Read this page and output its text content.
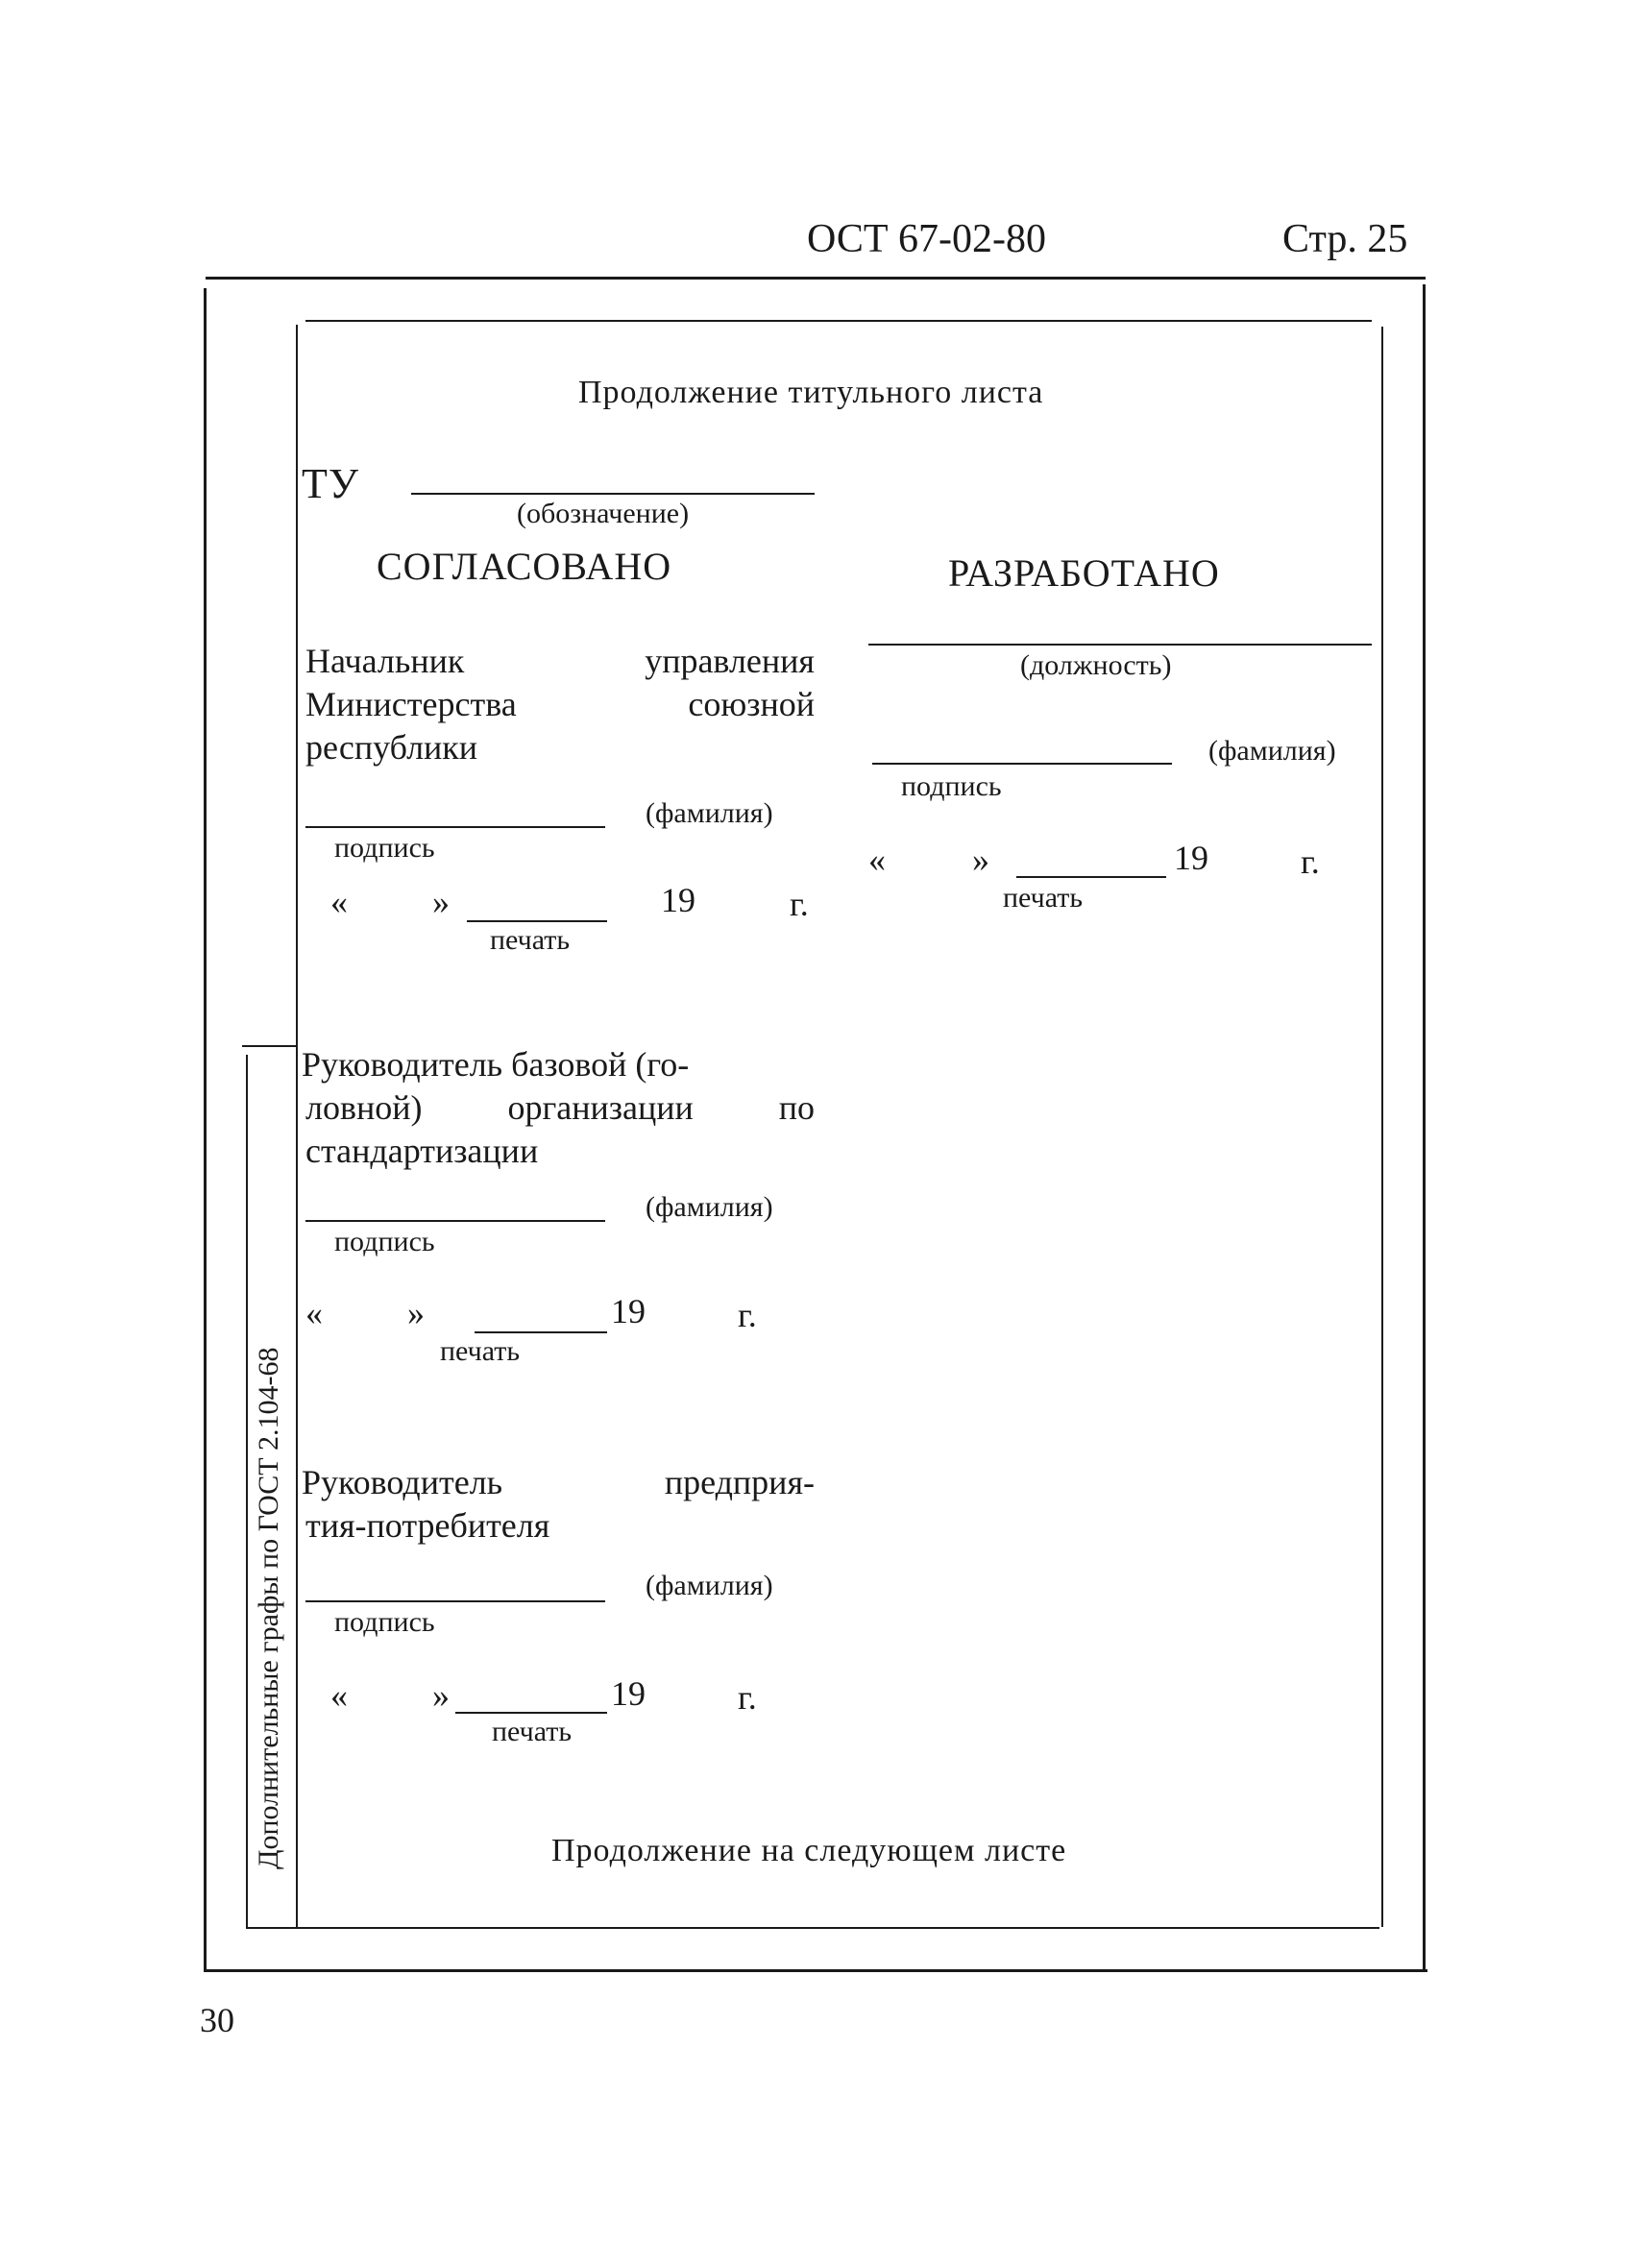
ОСТ 67-02-80	Стр. 25
Дополнительные графы по ГОСТ 2.104-68
Продолжение титульного листа
ТУ
(обозначение)
СОГЛАСОВАНО	РАЗРАБОТАНО
Начальник	управления
Министерства	союзной
республики
(фамилия)
подпись
« »	19	г.
печать
Руководитель базовой (го-
ловной) организации по
стандартизации
(фамилия)
подпись
« »	19	г.
печать
Руководитель	предприя-
тия-потребителя
(фамилия)
подпись
« »	19	г.
печать
(должность)
(фамилия)
подпись
«	»	19	г.
печать
Продолжение на следующем листе
30
